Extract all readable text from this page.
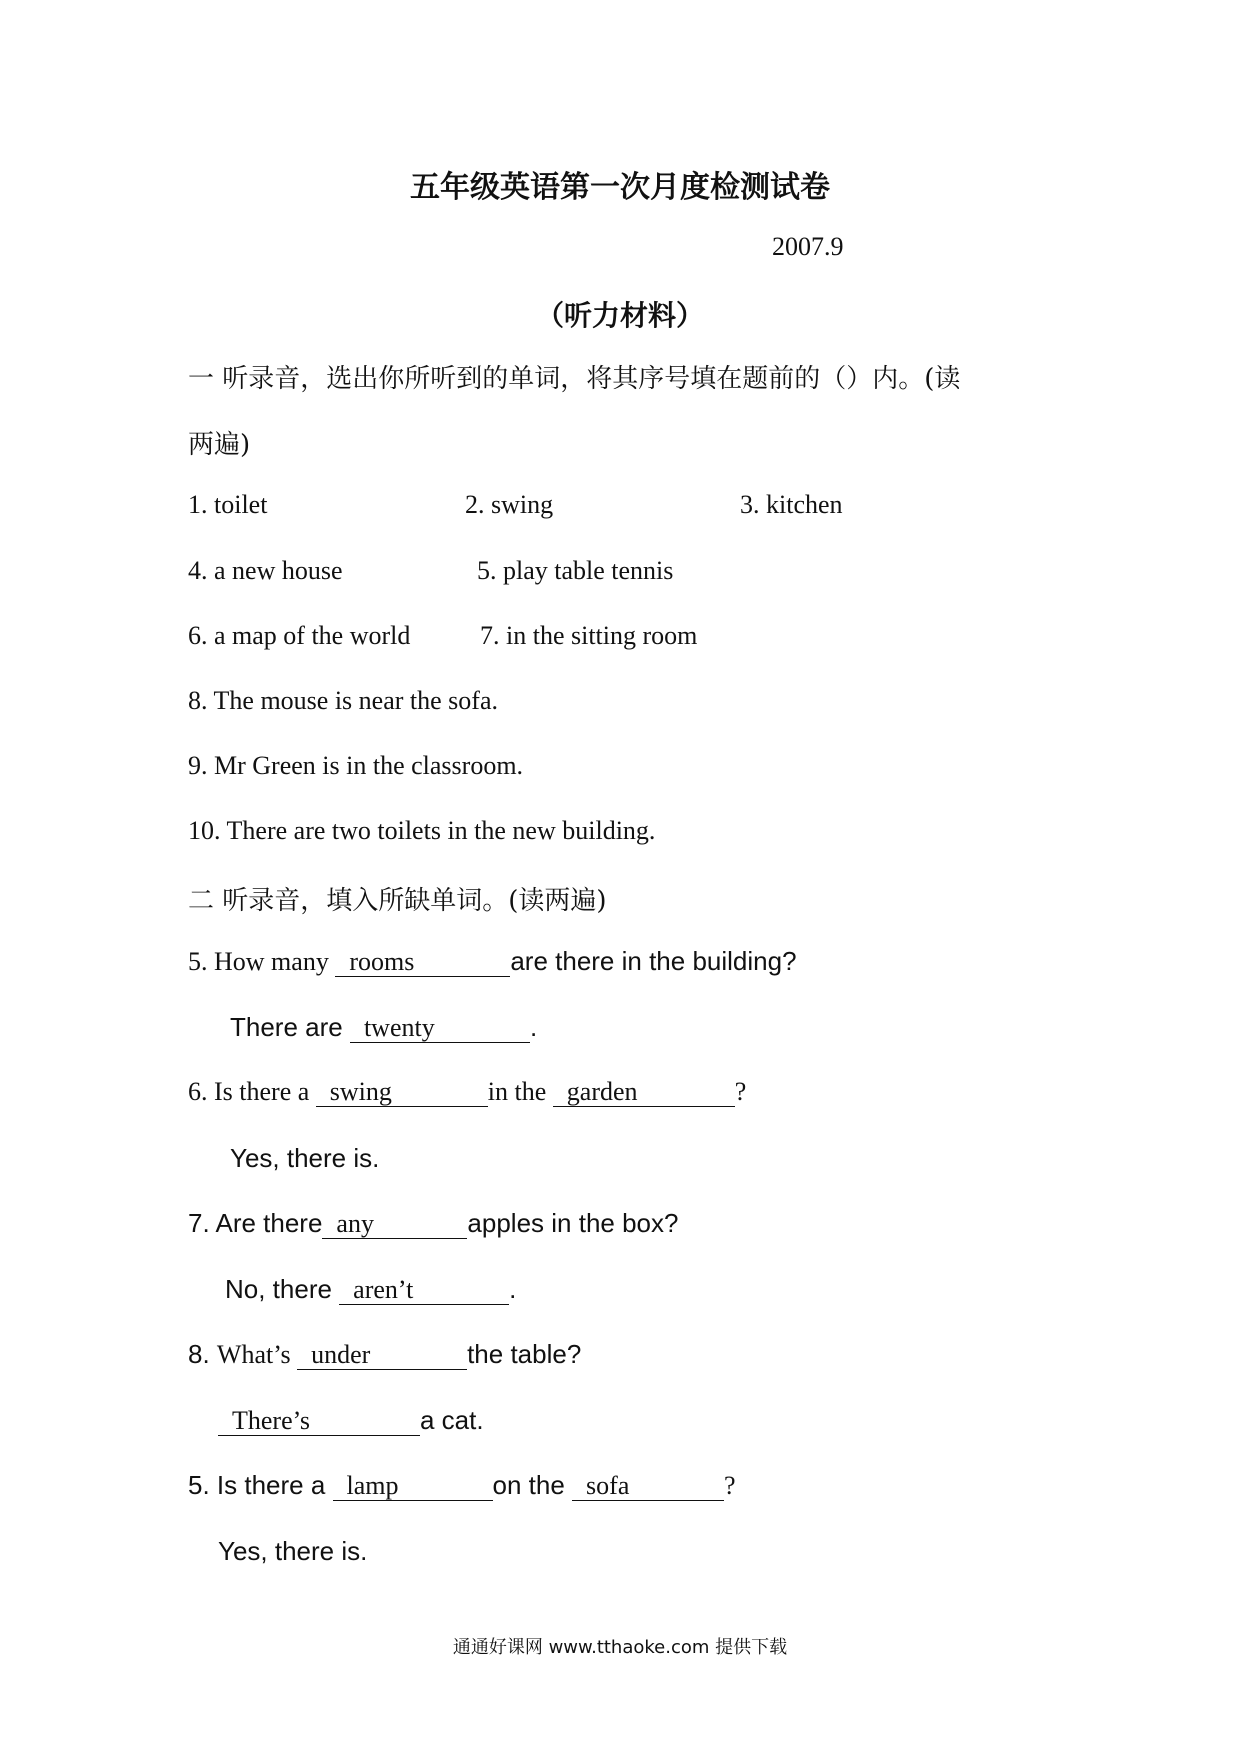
五年级英语第一次月度检测试卷
2007.9
（听力材料）
一 听录音，选出你所听到的单词，将其序号填在题前的（）内。(读
两遍)
1. toilet	2. swing	3. kitchen
4. a new house	5. play table tennis
6. a map of the world	7. in the sitting room
8. The mouse is near the sofa.
9. Mr Green is in the classroom.
10. There are two toilets in the new building.
二 听录音，填入所缺单词。(读两遍)
5. How many rooms	are there in the building?
There are twenty	.
6. Is there a swing	in the garden	?
Yes, there is.
7. Are there any	apples in the box?
No, there aren’t	.
8. What’s under	the table?
There’s	a cat.
5. Is there a lamp	on the sofa	?
Yes, there is.
通通好课网 www.tthaoke.com 提供下载
